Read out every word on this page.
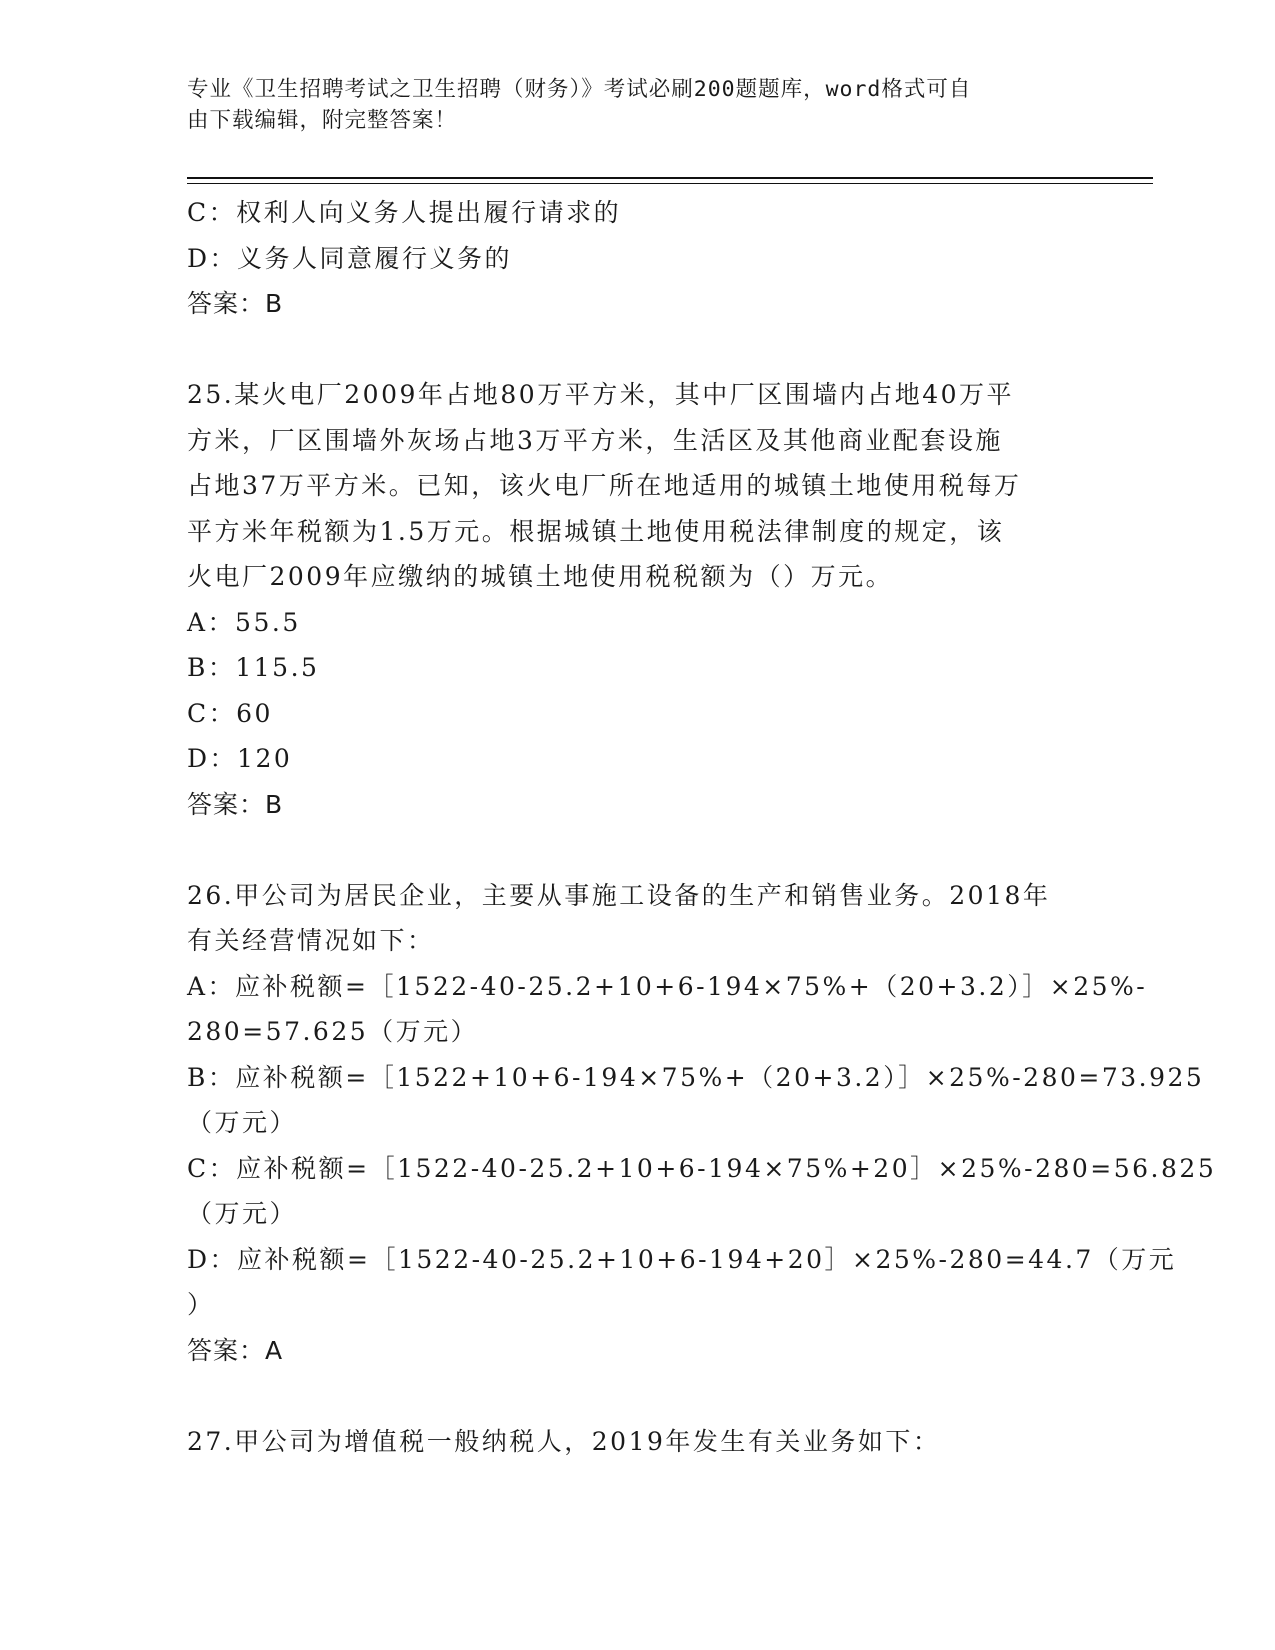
专业《卫生招聘考试之卫生招聘（财务）》考试必刷200题题库，word格式可自
由下载编辑，附完整答案！
C：权利人向义务人提出履行请求的
D：义务人同意履行义务的
答案：B
25.某火电厂2009年占地80万平方米，其中厂区围墙内占地40万平
方米，厂区围墙外灰场占地3万平方米，生活区及其他商业配套设施
占地37万平方米。已知，该火电厂所在地适用的城镇土地使用税每万
平方米年税额为1.5万元。根据城镇土地使用税法律制度的规定，该
火电厂2009年应缴纳的城镇土地使用税税额为（）万元。
A：55.5
B：115.5
C：60
D：120
答案：B
26.甲公司为居民企业，主要从事施工设备的生产和销售业务。2018年
有关经营情况如下：
A：应补税额=［1522-40-25.2+10+6-194×75%+（20+3.2）］×25%-
280=57.625（万元）
B：应补税额=［1522+10+6-194×75%+（20+3.2）］×25%-280=73.925
（万元）
C：应补税额=［1522-40-25.2+10+6-194×75%+20］×25%-280=56.825
（万元）
D：应补税额=［1522-40-25.2+10+6-194+20］×25%-280=44.7（万元
）
答案：A
27.甲公司为增值税一般纳税人，2019年发生有关业务如下：
